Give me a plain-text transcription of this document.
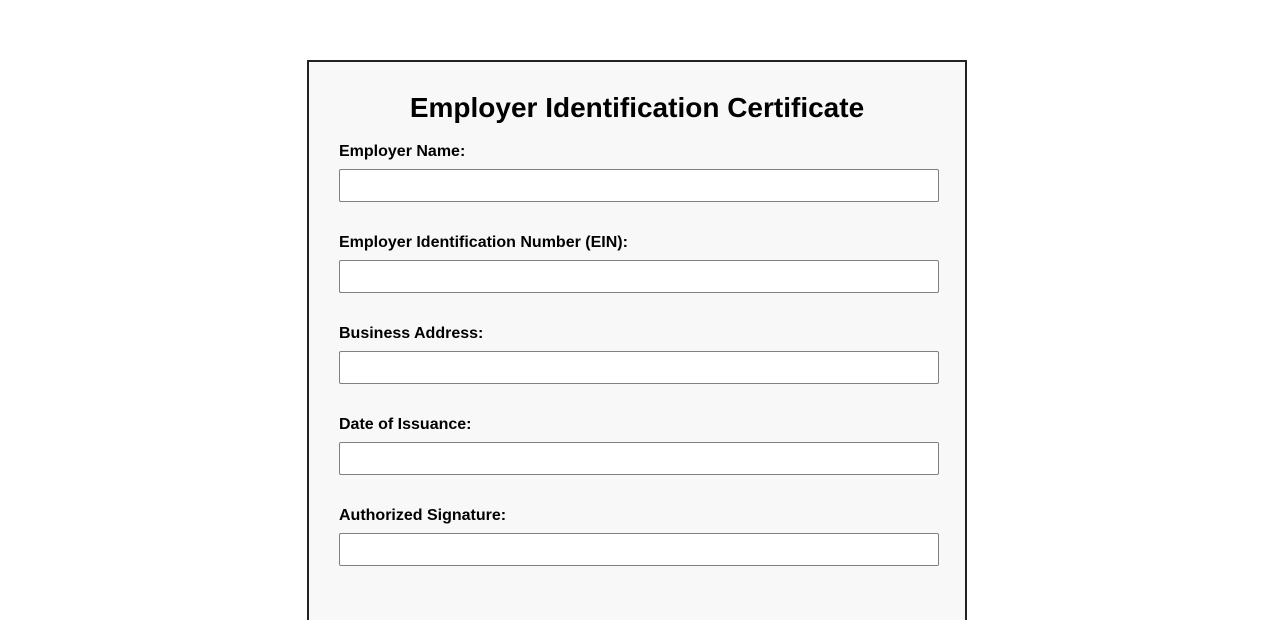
Employer Identification Certificate
Employer Name:
Employer Identification Number (EIN):
Business Address:
Date of Issuance:
Authorized Signature:
